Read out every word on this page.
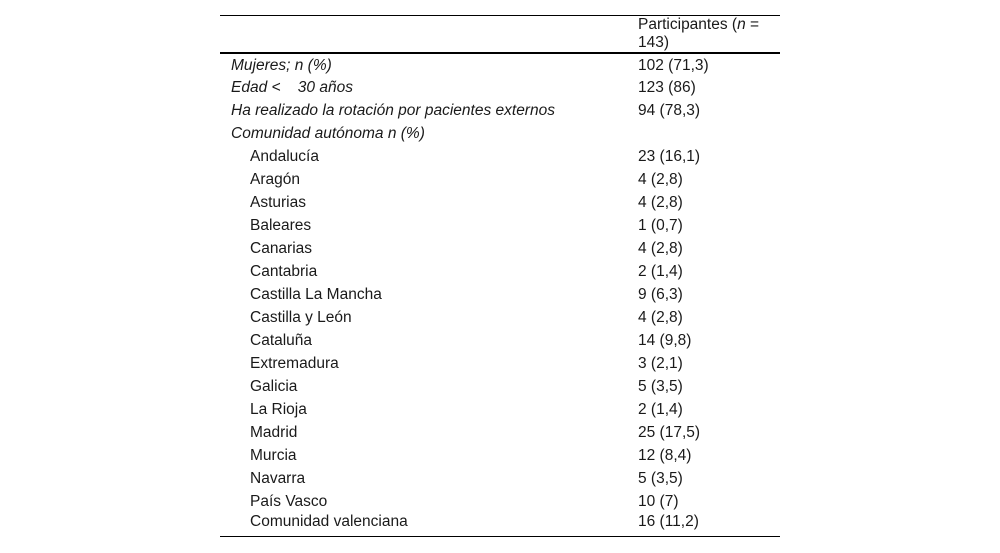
	Participantes (n = 143)
Mujeres; n (%)	102 (71,3)
Edad <    30 años	123 (86)
Ha realizado la rotación por pacientes externos	94 (78,3)
Comunidad autónoma n (%)	
Andalucía	23 (16,1)
Aragón	4 (2,8)
Asturias	4 (2,8)
Baleares	1 (0,7)
Canarias	4 (2,8)
Cantabria	2 (1,4)
Castilla La Mancha	9 (6,3)
Castilla y León	4 (2,8)
Cataluña	14 (9,8)
Extremadura	3 (2,1)
Galicia	5 (3,5)
La Rioja	2 (1,4)
Madrid	25 (17,5)
Murcia	12 (8,4)
Navarra	5 (3,5)
País Vasco	10 (7)
Comunidad valenciana	16 (11,2)
